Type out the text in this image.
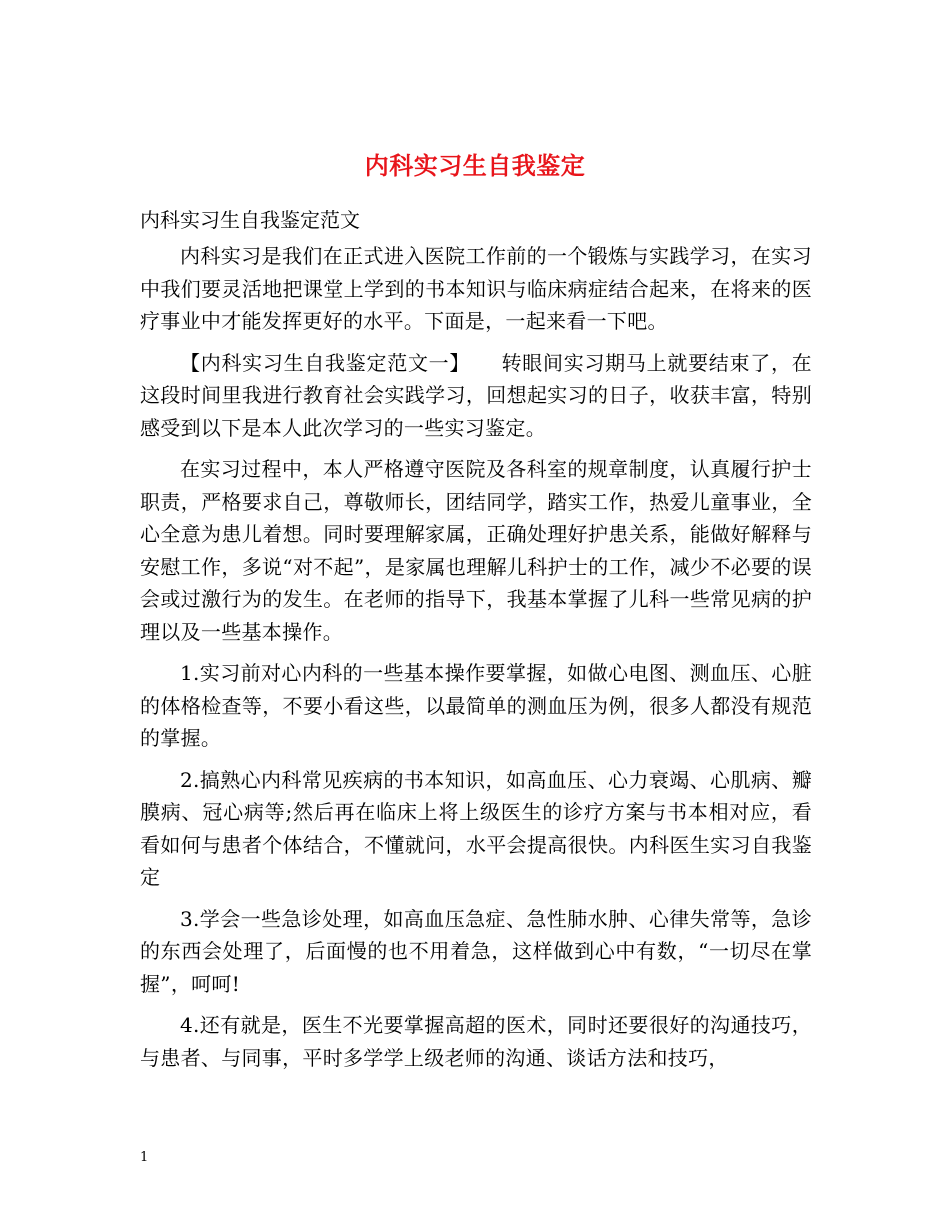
内科实习生自我鉴定

内科实习生自我鉴定范文

内科实习是我们在正式进入医院工作前的一个锻炼与实践学习，在实习中我们要灵活地把课堂上学到的书本知识与临床病症结合起来，在将来的医疗事业中才能发挥更好的水平。下面是，一起来看一下吧。

【内科实习生自我鉴定范文一】　　转眼间实习期马上就要结束了，在这段时间里我进行教育社会实践学习，回想起实习的日子，收获丰富，特别感受到以下是本人此次学习的一些实习鉴定。

在实习过程中，本人严格遵守医院及各科室的规章制度，认真履行护士职责，严格要求自己，尊敬师长，团结同学，踏实工作，热爱儿童事业，全心全意为患儿着想。同时要理解家属，正确处理好护患关系，能做好解释与安慰工作，多说“对不起”，是家属也理解儿科护士的工作，减少不必要的误会或过激行为的发生。在老师的指导下，我基本掌握了儿科一些常见病的护理以及一些基本操作。

1.实习前对心内科的一些基本操作要掌握，如做心电图、测血压、心脏的体格检查等，不要小看这些，以最简单的测血压为例，很多人都没有规范的掌握。

2.搞熟心内科常见疾病的书本知识，如高血压、心力衰竭、心肌病、瓣膜病、冠心病等;然后再在临床上将上级医生的诊疗方案与书本相对应，看看如何与患者个体结合，不懂就问，水平会提高很快。内科医生实习自我鉴定

3.学会一些急诊处理，如高血压急症、急性肺水肿、心律失常等，急诊的东西会处理了，后面慢的也不用着急，这样做到心中有数，“一切尽在掌握”，呵呵!

4.还有就是，医生不光要掌握高超的医术，同时还要很好的沟通技巧，与患者、与同事，平时多学学上级老师的沟通、谈话方法和技巧，

1
